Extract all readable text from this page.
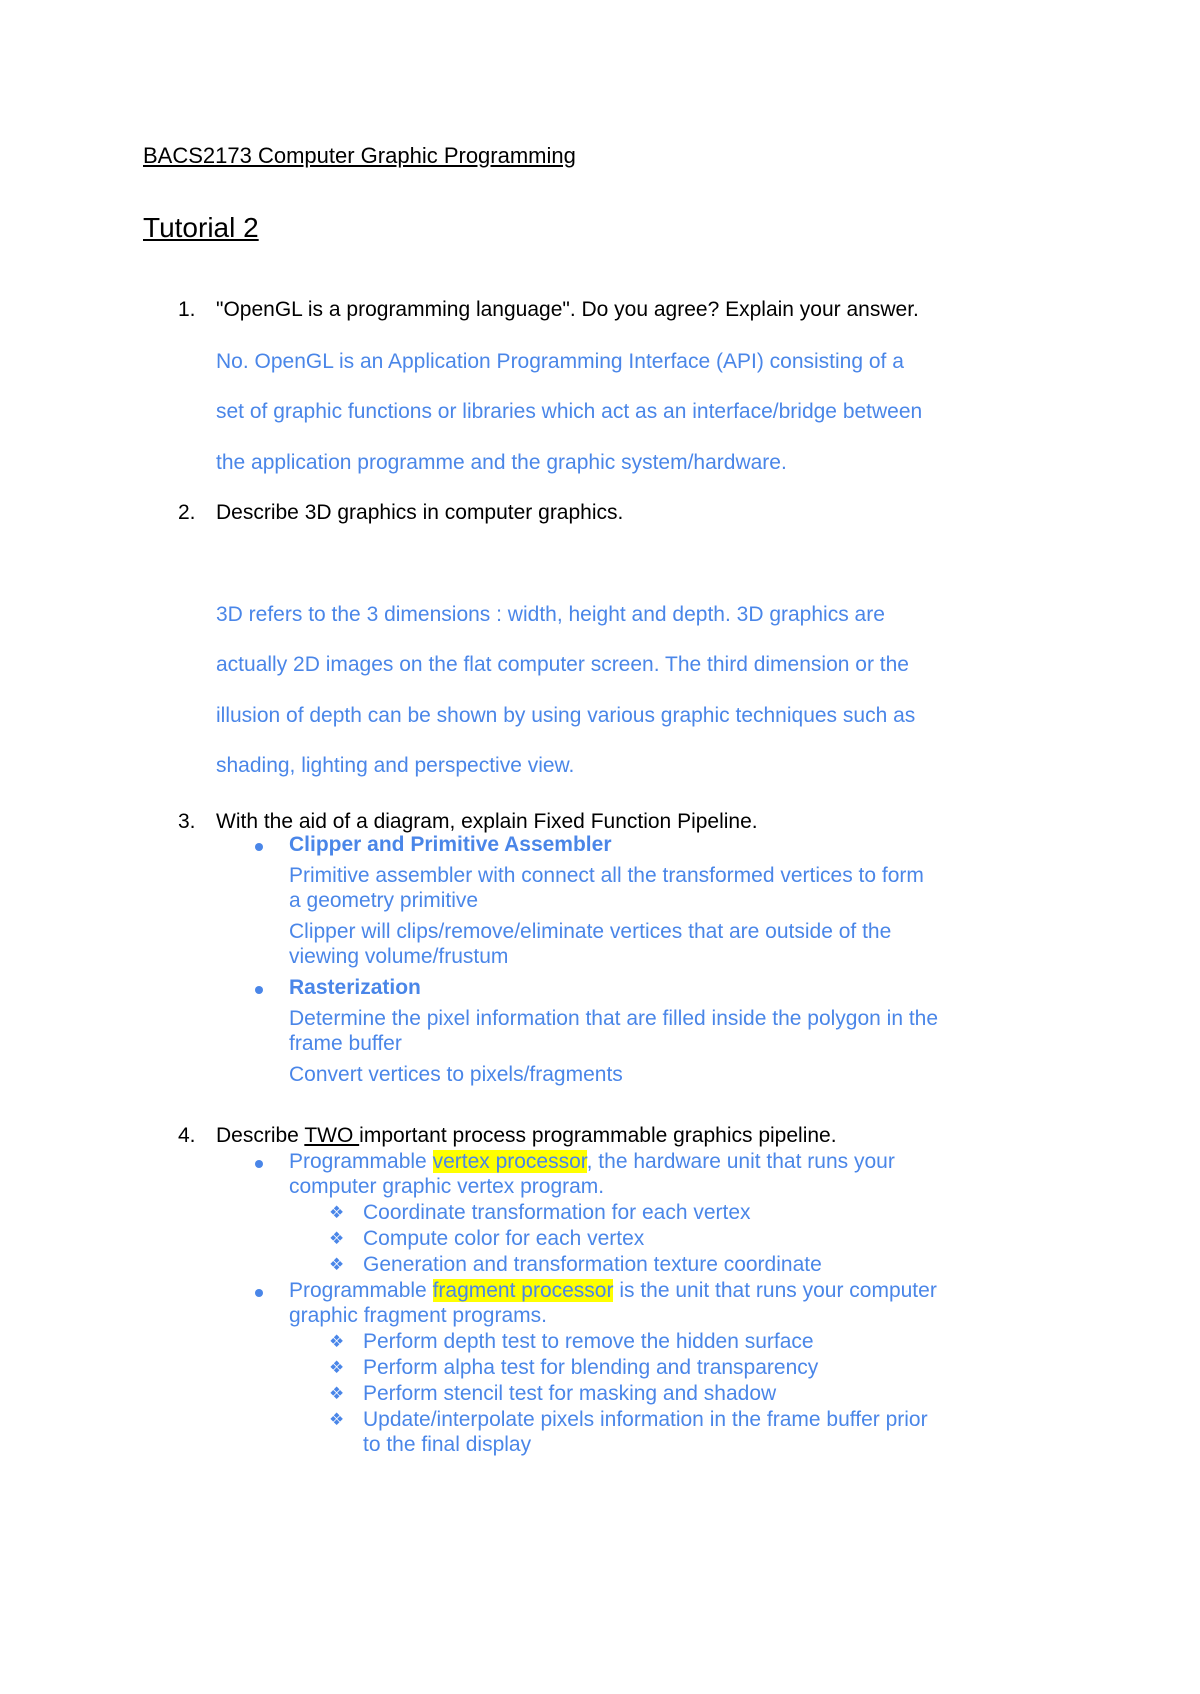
BACS2173 Computer Graphic Programming
Tutorial 2
1. "OpenGL is a programming language". Do you agree? Explain your answer.
No. OpenGL is an Application Programming Interface (API) consisting of a
set of graphic functions or libraries which act as an interface/bridge between
the application programme and the graphic system/hardware.
2. Describe 3D graphics in computer graphics.
3D refers to the 3 dimensions : width, height and depth. 3D graphics are
actually 2D images on the flat computer screen. The third dimension or the
illusion of depth can be shown by using various graphic techniques such as
shading, lighting and perspective view.
3. With the aid of a diagram, explain Fixed Function Pipeline.
Clipper and Primitive Assembler
Primitive assembler with connect all the transformed vertices to form
a geometry primitive
Clipper will clips/remove/eliminate vertices that are outside of the
viewing volume/frustum
Rasterization
Determine the pixel information that are filled inside the polygon in the
frame buffer
Convert vertices to pixels/fragments
4. Describe TWO important process programmable graphics pipeline.
Programmable vertex processor, the hardware unit that runs your
computer graphic vertex program.
❖ Coordinate transformation for each vertex
❖ Compute color for each vertex
❖ Generation and transformation texture coordinate
Programmable fragment processor is the unit that runs your computer
graphic fragment programs.
❖ Perform depth test to remove the hidden surface
❖ Perform alpha test for blending and transparency
❖ Perform stencil test for masking and shadow
❖ Update/interpolate pixels information in the frame buffer prior
to the final display
